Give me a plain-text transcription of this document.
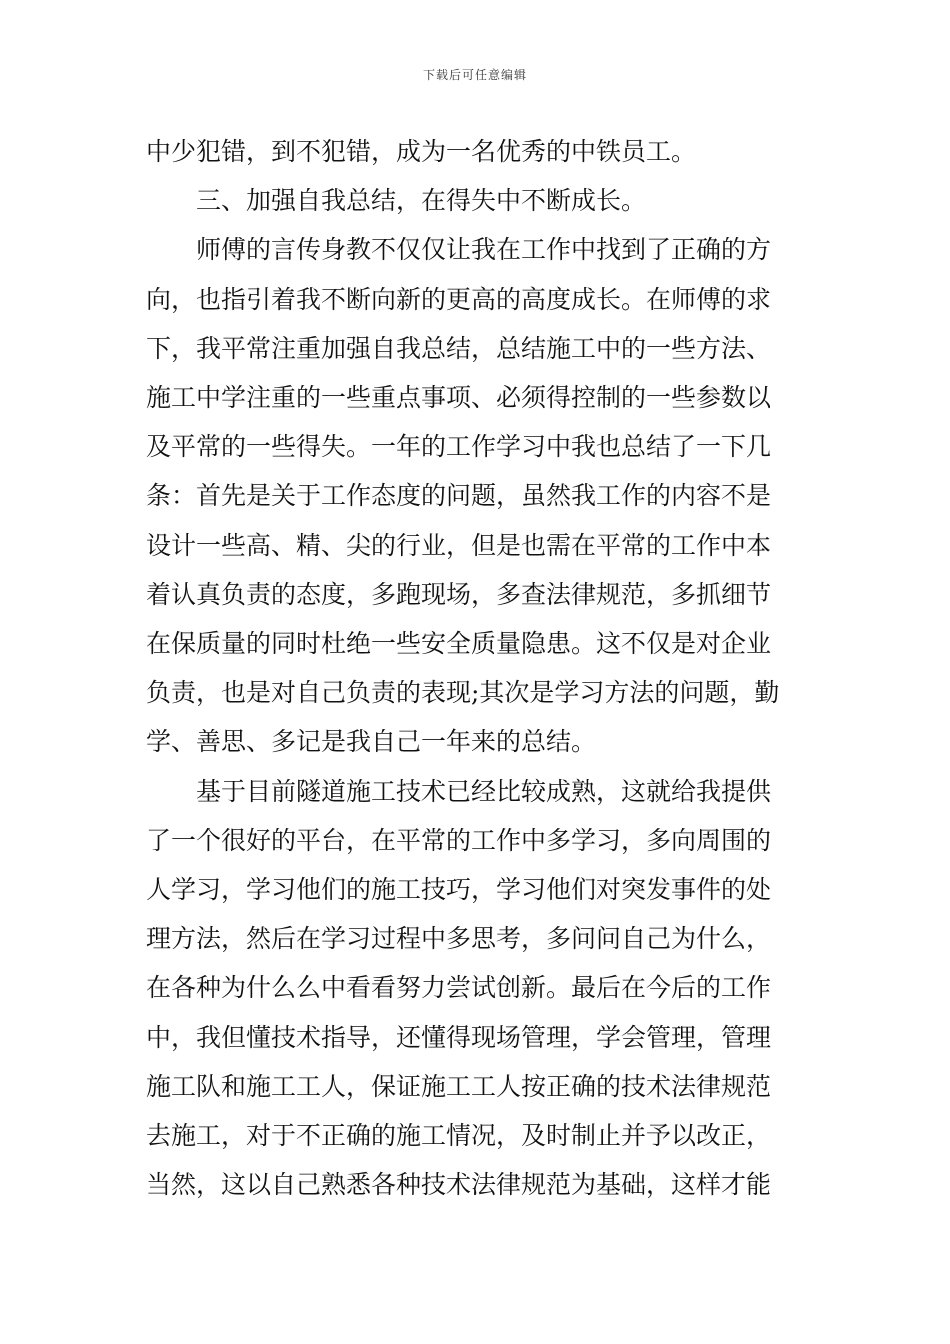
下载后可任意编辑
中少犯错，到不犯错，成为一名优秀的中铁员工。
三、加强自我总结，在得失中不断成长。
师傅的言传身教不仅仅让我在工作中找到了正确的方
向，也指引着我不断向新的更高的高度成长。在师傅的求
下，我平常注重加强自我总结，总结施工中的一些方法、
施工中学注重的一些重点事项、必须得控制的一些参数以
及平常的一些得失。一年的工作学习中我也总结了一下几
条：首先是关于工作态度的问题，虽然我工作的内容不是
设计一些高、精、尖的行业，但是也需在平常的工作中本
着认真负责的态度，多跑现场，多查法律规范，多抓细节
在保质量的同时杜绝一些安全质量隐患。这不仅是对企业
负责，也是对自己负责的表现;其次是学习方法的问题，勤
学、善思、多记是我自己一年来的总结。
基于目前隧道施工技术已经比较成熟，这就给我提供
了一个很好的平台，在平常的工作中多学习，多向周围的
人学习，学习他们的施工技巧，学习他们对突发事件的处
理方法，然后在学习过程中多思考，多问问自己为什么，
在各种为什么么中看看努力尝试创新。最后在今后的工作
中，我但懂技术指导，还懂得现场管理，学会管理，管理
施工队和施工工人，保证施工工人按正确的技术法律规范
去施工，对于不正确的施工情况，及时制止并予以改正，
当然，这以自己熟悉各种技术法律规范为基础，这样才能
